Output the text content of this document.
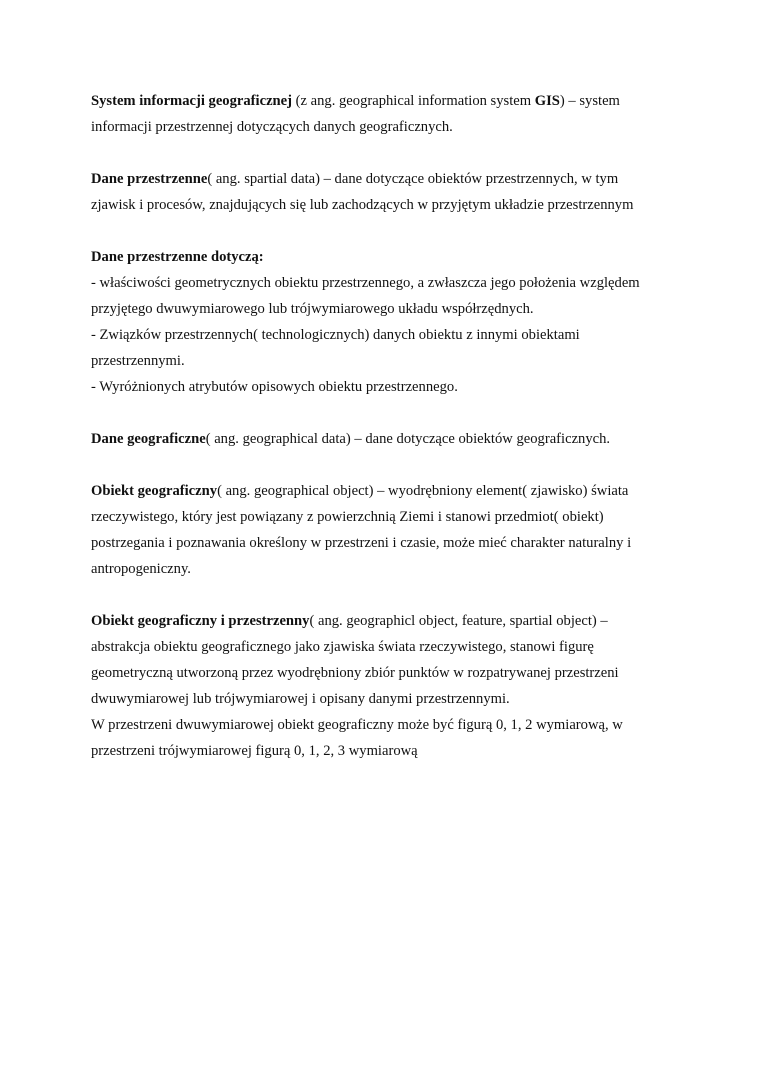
System informacji geograficznej (z ang. geographical information system GIS) – system
informacji przestrzennej dotyczących danych geograficznych.
Dane przestrzenne( ang. spartial data) – dane dotyczące obiektów przestrzennych, w tym
zjawisk i procesów, znajdujących się lub zachodzących w przyjętym układzie przestrzennym
Dane przestrzenne dotyczą:
- właściwości geometrycznych obiektu przestrzennego, a zwłaszcza jego położenia względem
przyjętego dwuwymiarowego lub trójwymiarowego układu współrzędnych.
- Związków przestrzennych( technologicznych) danych obiektu z innymi obiektami
przestrzennymi.
- Wyróżnionych atrybutów opisowych obiektu przestrzennego.
Dane geograficzne( ang. geographical data) – dane dotyczące obiektów geograficznych.
Obiekt geograficzny( ang. geographical object) – wyodrębniony element( zjawisko) świata
rzeczywistego, który jest powiązany z powierzchnią Ziemi i stanowi przedmiot( obiekt)
postrzegania i poznawania określony w przestrzeni i czasie, może mieć charakter naturalny i
antropogeniczny.
Obiekt geograficzny i przestrzenny( ang. geographicl object, feature, spartial object) –
abstrakcja obiektu geograficznego jako zjawiska świata rzeczywistego, stanowi figurę
geometryczną utworzoną przez wyodrębniony zbiór punktów w rozpatrywanej przestrzeni
dwuwymiarowej lub trójwymiarowej i opisany danymi przestrzennymi.
W przestrzeni dwuwymiarowej obiekt geograficzny może być figurą 0, 1, 2 wymiarową, w
przestrzeni trójwymiarowej figurą 0, 1, 2, 3 wymiarową
